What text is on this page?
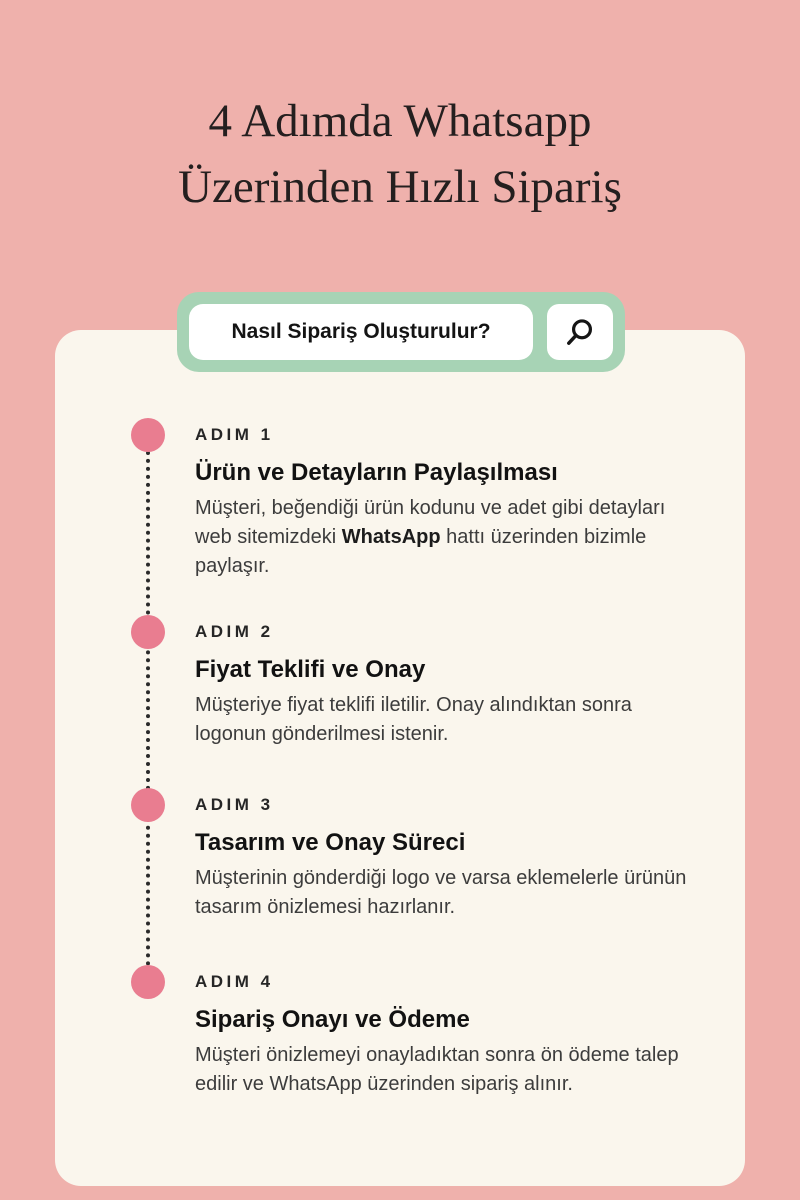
4 Adımda Whatsapp
Üzerinden Hızlı Sipariş
Nasıl Sipariş Oluşturulur?
ADIM 1
Ürün ve Detayların Paylaşılması

Müşteri, beğendiği ürün kodunu ve adet gibi detayları web sitemizdeki WhatsApp hattı üzerinden bizimle paylaşır.

ADIM 2
Fiyat Teklifi ve Onay

Müşteriye fiyat teklifi iletilir. Onay alındıktan sonra logonun gönderilmesi istenir.

ADIM 3
Tasarım ve Onay Süreci

Müşterinin gönderdiği logo ve varsa eklemelerle ürünün tasarım önizlemesi hazırlanır.

ADIM 4
Sipariş Onayı ve Ödeme

Müşteri önizlemeyi onayladıktan sonra ön ödeme talep edilir ve WhatsApp üzerinden sipariş alınır.
